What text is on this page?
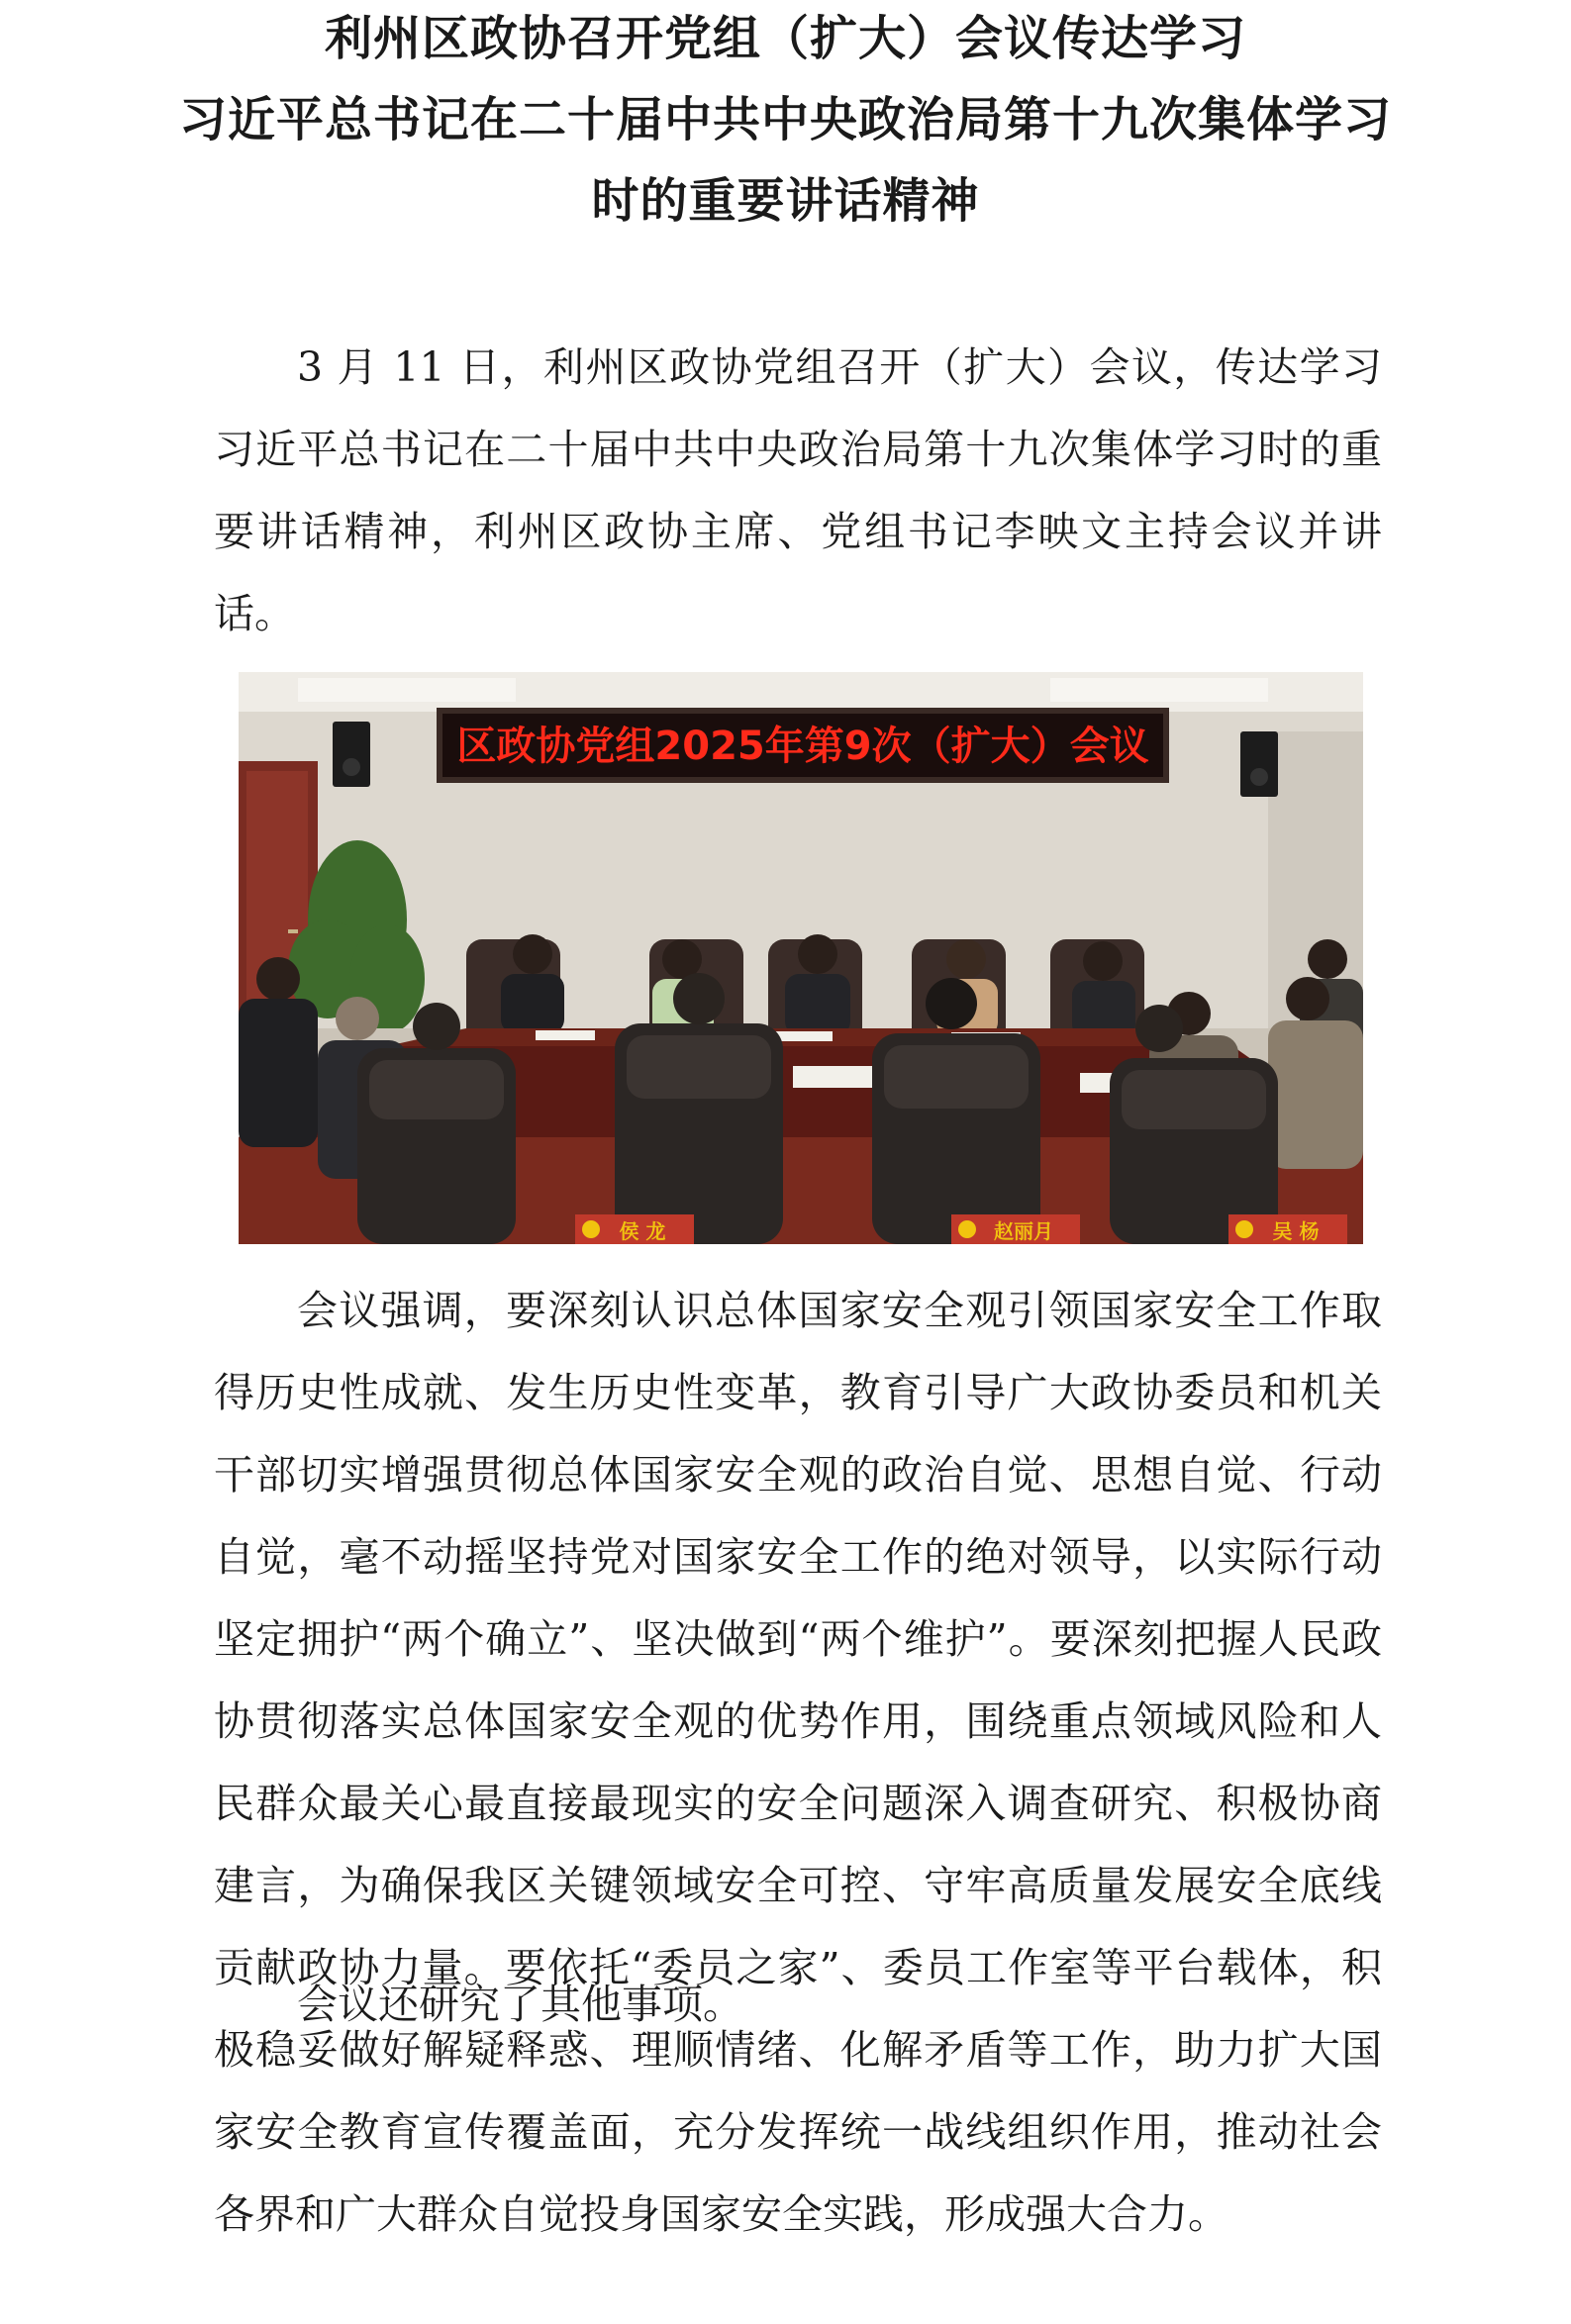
利州区政协召开党组（扩大）会议传达学习
习近平总书记在二十届中共中央政治局第十九次集体学习
时的重要讲话精神

3 月 11 日，利州区政协党组召开（扩大）会议，传达学习习近平总书记在二十届中共中央政治局第十九次集体学习时的重要讲话精神，利州区政协主席、党组书记李映文主持会议并讲话。

区政协党组2025年第9次（扩大）会议
侯 龙	赵丽月	吴 杨

会议强调，要深刻认识总体国家安全观引领国家安全工作取得历史性成就、发生历史性变革，教育引导广大政协委员和机关干部切实增强贯彻总体国家安全观的政治自觉、思想自觉、行动自觉，毫不动摇坚持党对国家安全工作的绝对领导，以实际行动坚定拥护“两个确立”、坚决做到“两个维护”。要深刻把握人民政协贯彻落实总体国家安全观的优势作用，围绕重点领域风险和人民群众最关心最直接最现实的安全问题深入调查研究、积极协商建言，为确保我区关键领域安全可控、守牢高质量发展安全底线贡献政协力量。要依托“委员之家”、委员工作室等平台载体，积极稳妥做好解疑释惑、理顺情绪、化解矛盾等工作，助力扩大国家安全教育宣传覆盖面，充分发挥统一战线组织作用，推动社会各界和广大群众自觉投身国家安全实践，形成强大合力。

会议还研究了其他事项。
